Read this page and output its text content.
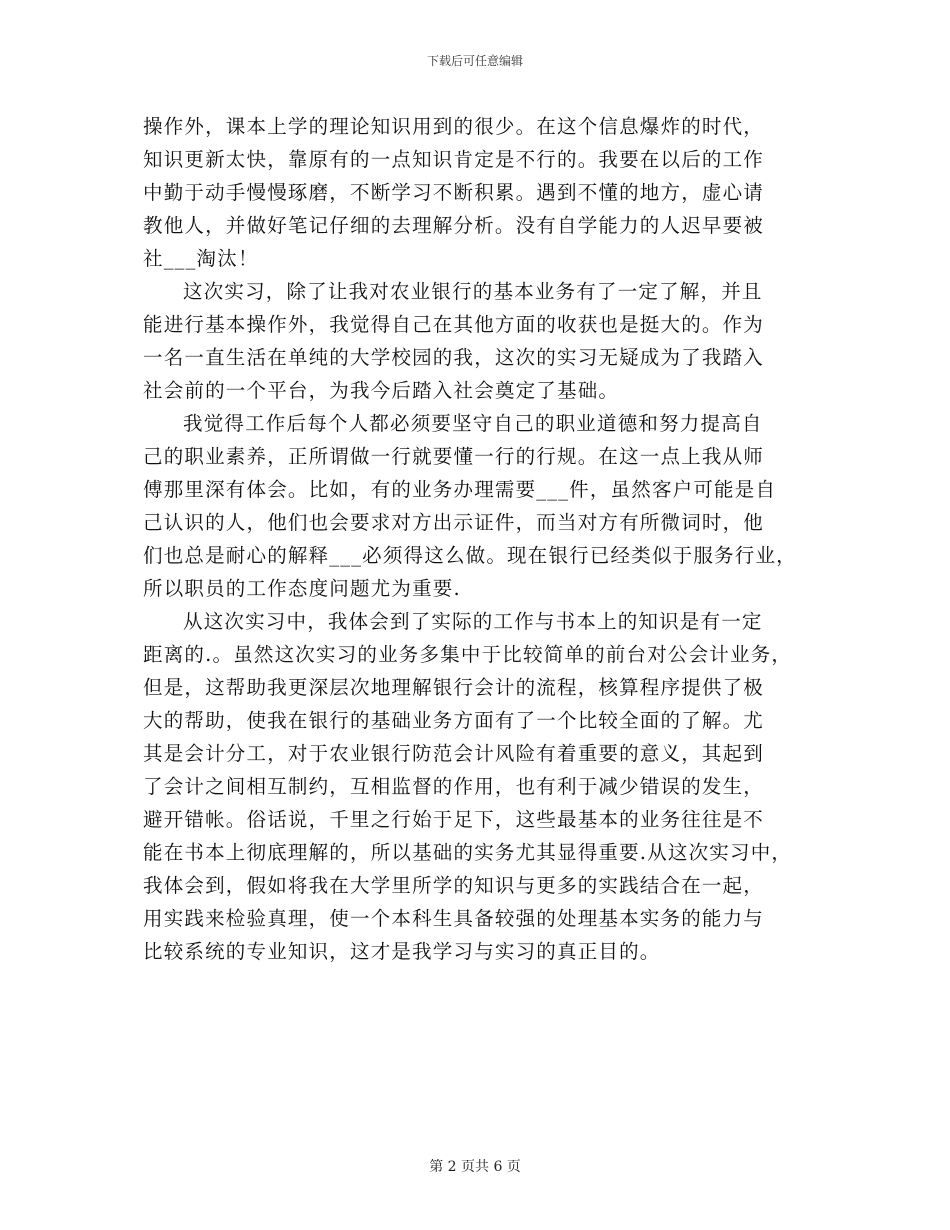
下载后可任意编辑
操作外，课本上学的理论知识用到的很少。在这个信息爆炸的时代，
知识更新太快，靠原有的一点知识肯定是不行的。我要在以后的工作
中勤于动手慢慢琢磨，不断学习不断积累。遇到不懂的地方，虚心请
教他人，并做好笔记仔细的去理解分析。没有自学能力的人迟早要被
社___淘汰！
这次实习，除了让我对农业银行的基本业务有了一定了解，并且
能进行基本操作外，我觉得自己在其他方面的收获也是挺大的。作为
一名一直生活在单纯的大学校园的我，这次的实习无疑成为了我踏入
社会前的一个平台，为我今后踏入社会奠定了基础。
我觉得工作后每个人都必须要坚守自己的职业道德和努力提高自
己的职业素养，正所谓做一行就要懂一行的行规。在这一点上我从师
傅那里深有体会。比如，有的业务办理需要___件，虽然客户可能是自
己认识的人，他们也会要求对方出示证件，而当对方有所微词时，他
们也总是耐心的解释___必须得这么做。现在银行已经类似于服务行业，
所以职员的工作态度问题尤为重要.
从这次实习中，我体会到了实际的工作与书本上的知识是有一定
距离的.。虽然这次实习的业务多集中于比较简单的前台对公会计业务，
但是，这帮助我更深层次地理解银行会计的流程，核算程序提供了极
大的帮助，使我在银行的基础业务方面有了一个比较全面的了解。尤
其是会计分工，对于农业银行防范会计风险有着重要的意义，其起到
了会计之间相互制约，互相监督的作用，也有利于减少错误的发生，
避开错帐。俗话说，千里之行始于足下，这些最基本的业务往往是不
能在书本上彻底理解的，所以基础的实务尤其显得重要.从这次实习中，
我体会到，假如将我在大学里所学的知识与更多的实践结合在一起，
用实践来检验真理，使一个本科生具备较强的处理基本实务的能力与
比较系统的专业知识，这才是我学习与实习的真正目的。
第 2 页共 6 页
